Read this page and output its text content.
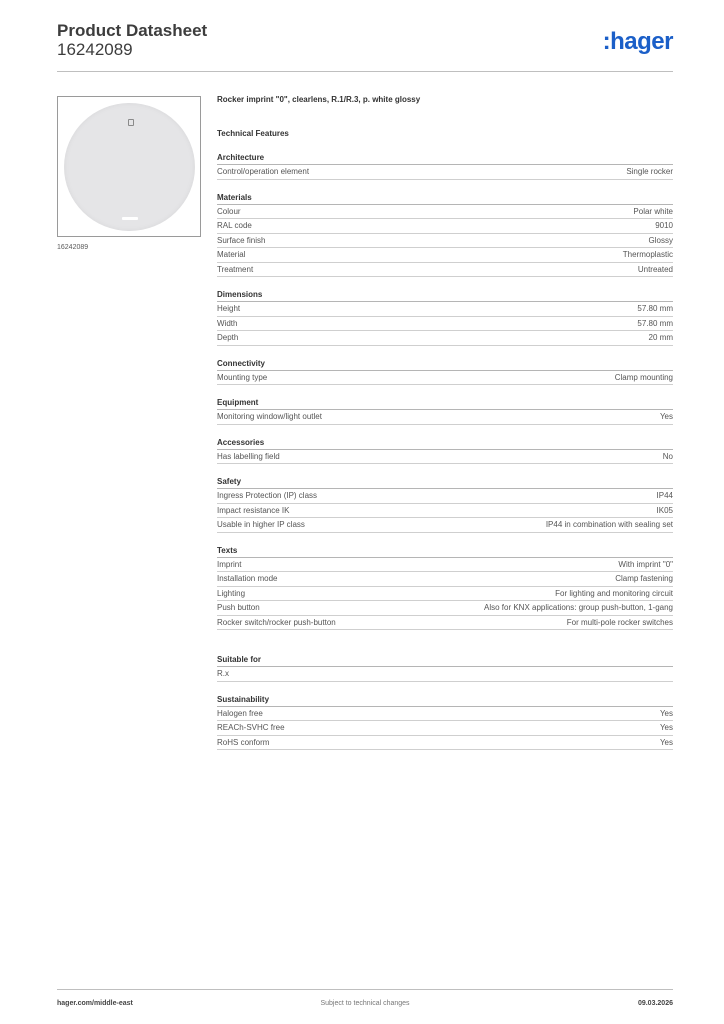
Product Datasheet
16242089	:hager
16242089
Rocker imprint "0", clearlens, R.1/R.3, p. white glossy
Technical Features
Architecture
Control/operation element	Single rocker
Materials
Colour	Polar white
RAL code	9010
Surface finish	Glossy
Material	Thermoplastic
Treatment	Untreated
Dimensions
Height	57.80 mm
Width	57.80 mm
Depth	20 mm
Connectivity
Mounting type	Clamp mounting
Equipment
Monitoring window/light outlet	Yes
Accessories
Has labelling field	No
Safety
Ingress Protection (IP) class	IP44
Impact resistance IK	IK05
Usable in higher IP class	IP44 in combination with sealing set
Texts
Imprint	With imprint "0"
Installation mode	Clamp fastening
Lighting	For lighting and monitoring circuit
Push button	Also for KNX applications: group push-button, 1-gang
Rocker switch/rocker push-button	For multi-pole rocker switches
Suitable for
R.x
Sustainability
Halogen free	Yes
REACh-SVHC free	Yes
RoHS conform	Yes
hager.com/middle-east	Subject to technical changes	09.03.2026
